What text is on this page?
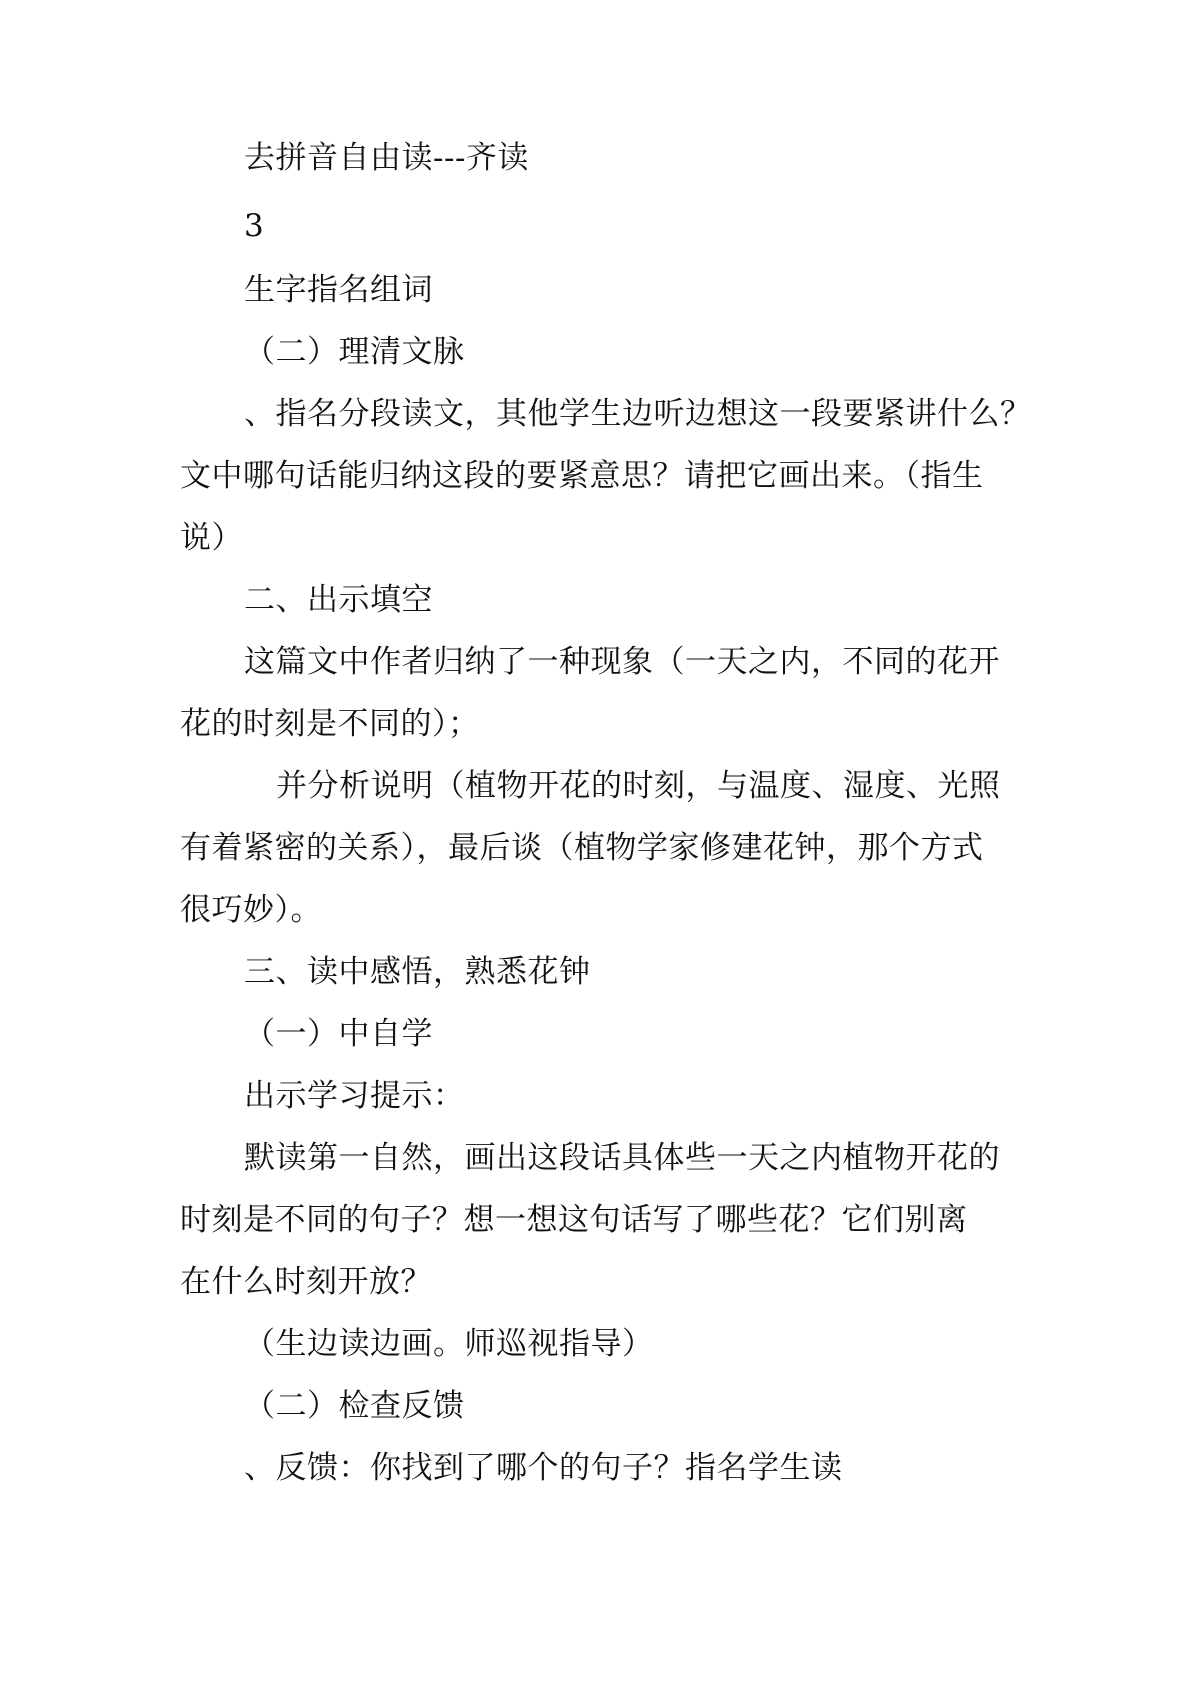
去拼音自由读---齐读
3
生字指名组词
（二）理清文脉
、指名分段读文，其他学生边听边想这一段要紧讲什么？
文中哪句话能归纳这段的要紧意思？请把它画出来。（指生
说）
二、出示填空
这篇文中作者归纳了一种现象（一天之内，不同的花开
花的时刻是不同的）；
并分析说明（植物开花的时刻，与温度、湿度、光照
有着紧密的关系），最后谈（植物学家修建花钟，那个方式
很巧妙）。
三、读中感悟，熟悉花钟
（一）中自学
出示学习提示：
默读第一自然，画出这段话具体些一天之内植物开花的
时刻是不同的句子？想一想这句话写了哪些花？它们别离
在什么时刻开放？
（生边读边画。师巡视指导）
（二）检查反馈
、反馈：你找到了哪个的句子？指名学生读
